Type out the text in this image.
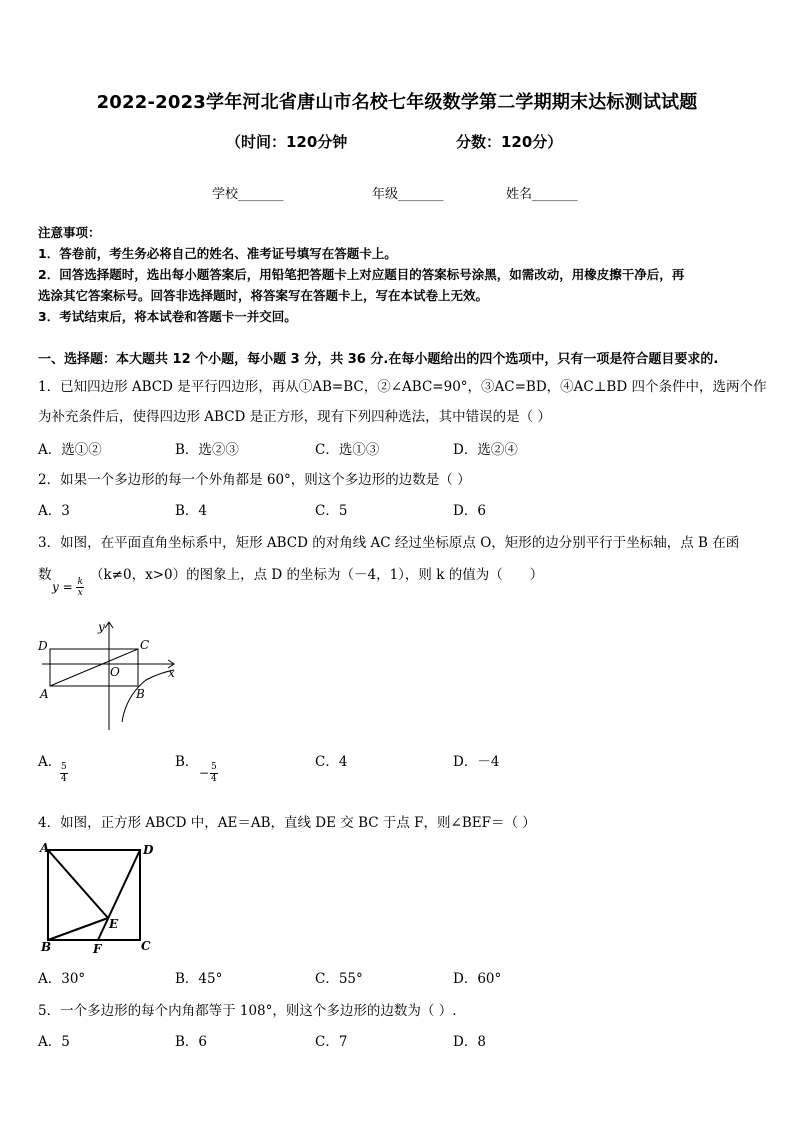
2022-2023学年河北省唐山市名校七年级数学第二学期期末达标测试试题
（时间：120分钟	分数：120分）
学校_______	年级_______	姓名_______
注意事项：
1．答卷前，考生务必将自己的姓名、准考证号填写在答题卡上。
2．回答选择题时，选出每小题答案后，用铅笔把答题卡上对应题目的答案标号涂黑，如需改动，用橡皮擦干净后，再
选涂其它答案标号。回答非选择题时，将答案写在答题卡上，写在本试卷上无效。
3．考试结束后，将本试卷和答题卡一并交回。
一、选择题：本大题共 12 个小题，每小题 3 分，共 36 分.在每小题给出的四个选项中，只有一项是符合题目要求的.
1．已知四边形 ABCD 是平行四边形，再从①AB=BC，②∠ABC=90°，③AC=BD，④AC⊥BD 四个条件中，选两个作
为补充条件后，使得四边形 ABCD 是正方形，现有下列四种选法，其中错误的是（ ）
A．选①②	B．选②③	C．选①③	D．选②④
2．如果一个多边形的每一个外角都是 60°，则这个多边形的边数是（ ）
A．3	B．4	C．5	D．6
3．如图，在平面直角坐标系中，矩形 ABCD 的对角线 AC 经过坐标原点 O，矩形的边分别平行于坐标轴，点 B 在函
数	（k≠0，x>0）的图象上，点 D 的坐标为（－4，1），则 k 的值为（　　）
$y = \frac{k}{x}$
D	C
O	x
y
A	B
A．
$\frac{5}{4}$	B．
− $\frac{5}{4}$	C．4	D．－4
4．如图，正方形 ABCD 中，AE＝AB，直线 DE 交 BC 于点 F，则∠BEF＝（ ）
A	D
E
B	F	C
A．30°	B．45°	C．55°	D．60°
5．一个多边形的每个内角都等于 108°，则这个多边形的边数为（ ）.
A．5	B．6	C．7	D．8
